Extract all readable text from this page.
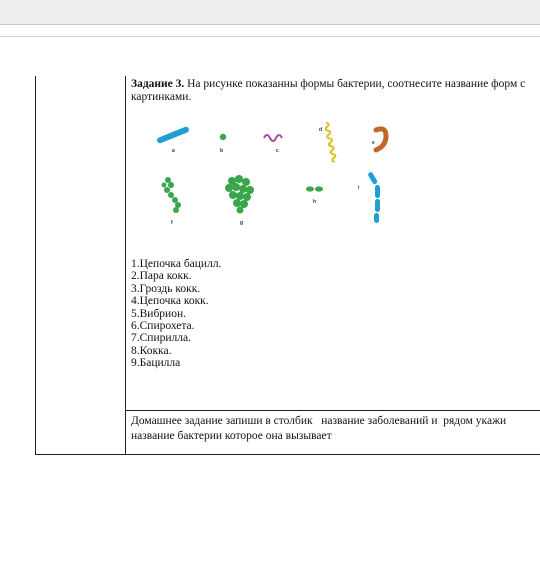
Задание 3. На рисунке показанны формы бактерии, соотнесите название форм с
картинками.
a	b	c
d
e
f	g
h
i
1.Цепочка бацилл.
2.Пара кокк.
3.Гроздь кокк.
4.Цепочка кокк.
5.Вибрион.
6.Спирохета.
7.Спирилла.
8.Кокка.
9.Бацилла
Домашнее задание запиши в столбик   название заболеваний и  рядом укажи название бактерии которое она вызывает
